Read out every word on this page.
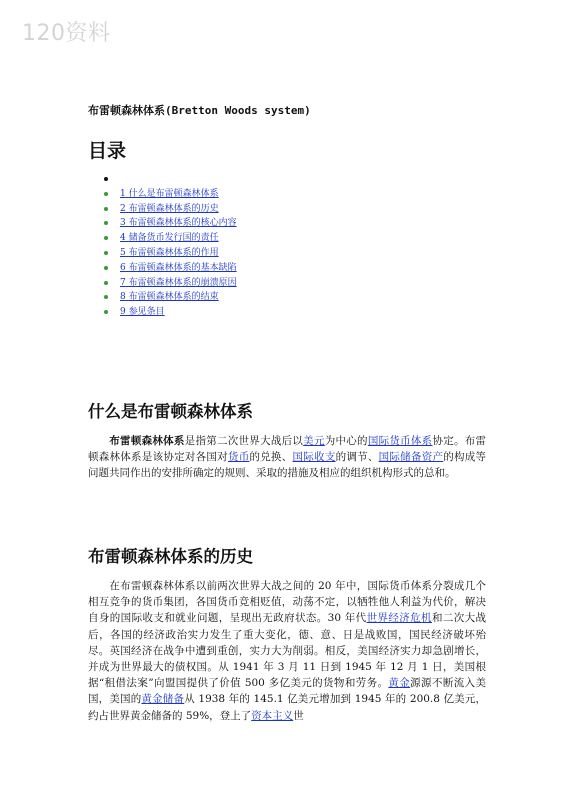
120资料
布雷顿森林体系(Bretton Woods system)
目录
1 什么是布雷顿森林体系
2 布雷顿森林体系的历史
3 布雷顿森林体系的核心内容
4 储备货币发行国的责任
5 布雷顿森林体系的作用
6 布雷顿森林体系的基本缺陷
7 布雷顿森林体系的崩溃原因
8 布雷顿森林体系的结束
9 参见条目
什么是布雷顿森林体系

布雷顿森林体系是指第二次世界大战后以美元为中心的国际货币体系协定。布雷顿森林体系是该协定对各国对货币的兑换、国际收支的调节、国际储备资产的构成等问题共同作出的安排所确定的规则、采取的措施及相应的组织机构形式的总和。

布雷顿森林体系的历史

在布雷顿森林体系以前两次世界大战之间的 20 年中，国际货币体系分裂成几个相互竞争的货币集团，各国货币竞相贬值，动荡不定，以牺牲他人利益为代价，解决自身的国际收支和就业问题，呈现出无政府状态。30 年代世界经济危机和二次大战后，各国的经济政治实力发生了重大变化，德、意、日是战败国，国民经济破坏殆尽。英国经济在战争中遭到重创，实力大为削弱。相反，美国经济实力却急剧增长，并成为世界最大的债权国。从 1941 年 3 月 11 日到 1945 年 12 月 1 日，美国根据“租借法案”向盟国提供了价值 500 多亿美元的货物和劳务。黄金源源不断流入美国，美国的黄金储备从 1938 年的 145.1 亿美元增加到 1945 年的 200.8 亿美元，约占世界黄金储备的 59%，登上了资本主义世
